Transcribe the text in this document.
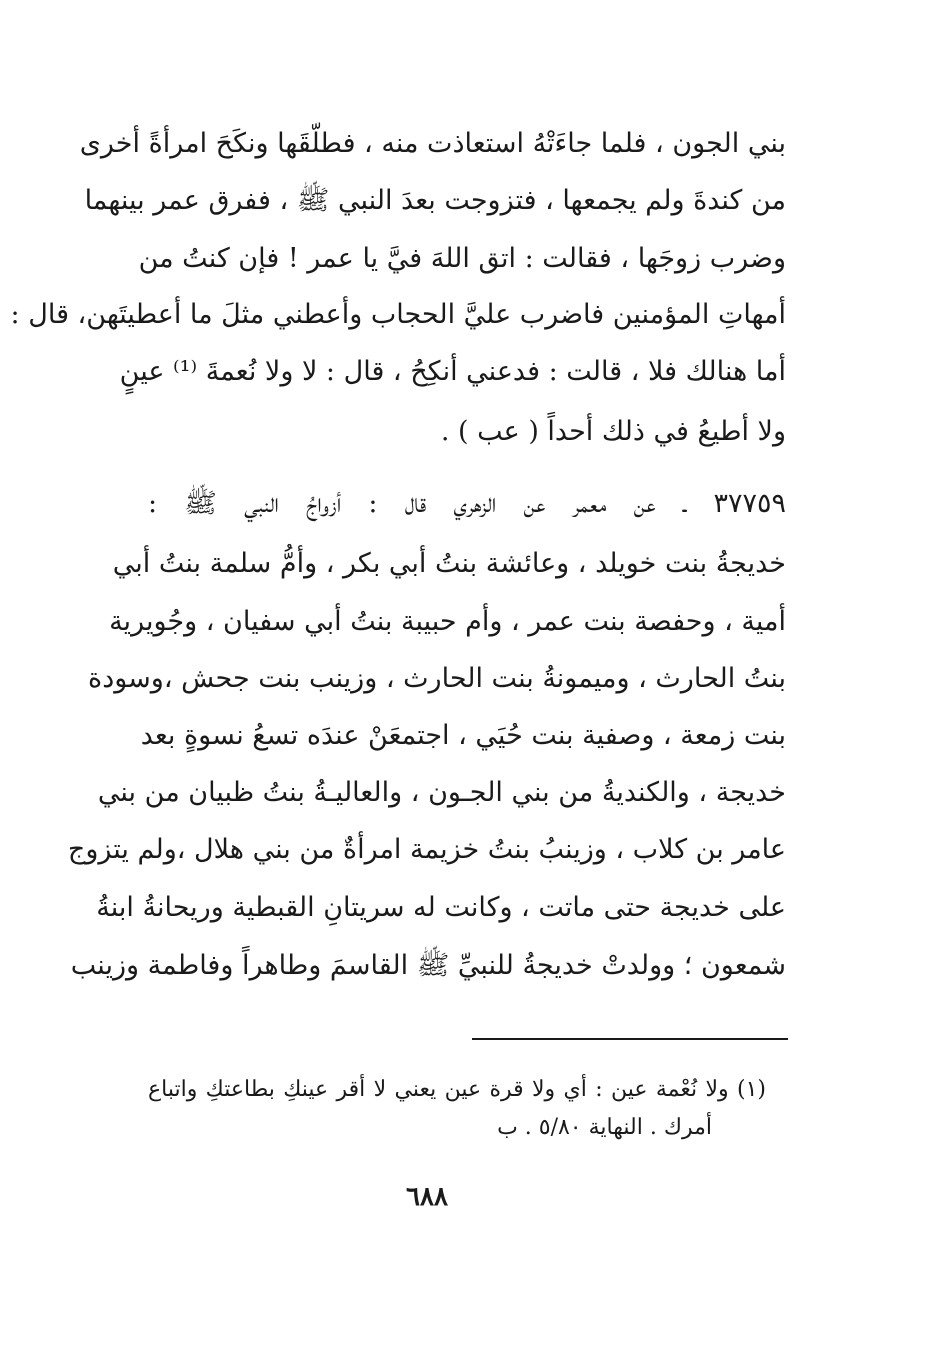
بني الجون ، فلما جاءَتْهُ استعاذت منه ، فطلّقَها ونكَحَ امرأةً أخرى
من كندةَ ولم يجمعها ، فتزوجت بعدَ النبي ﷺ ، ففرق عمر بينهما
وضرب زوجَها ، فقالت : اتق اللهَ فيَّ يا عمر ! فإن كنتُ من
أمهاتِ المؤمنين فاضرب عليَّ الحجاب وأعطني مثلَ ما أعطيتَهن، قال :
أما هنالك فلا ، قالت : فدعني أنكِحُ ، قال : لا ولا نُعمةَ ⁽¹⁾ عينٍ
ولا أطيعُ في ذلك أحداً ( عب ) .
٣٧٧٥٩ ـ عن معمر عن الزهري قال : أزواجُ النبي ﷺ :
خديجةُ بنت خويلد ، وعائشة بنتُ أبي بكر ، وأمُّ سلمة بنتُ أبي
أمية ، وحفصة بنت عمر ، وأم حبيبة بنتُ أبي سفيان ، وجُويرية
بنتُ الحارث ، وميمونةُ بنت الحارث ، وزينب بنت جحش ،وسودة
بنت زمعة ، وصفية بنت حُيَي ، اجتمعَنْ عندَه تسعُ نسوةٍ بعد
خديجة ، والكنديةُ من بني الجـون ، والعاليـةُ بنتُ ظبيان من بني
عامر بن كلاب ، وزينبُ بنتُ خزيمة امرأةٌ من بني هلال ،ولم يتزوج
على خديجة حتى ماتت ، وكانت له سريتانِ القبطية وريحانةُ ابنةُ
شمعون ؛ وولدتْ خديجةُ للنبيِّ ﷺ القاسمَ وطاهراً وفاطمة وزينب
(١) ولا نُعْمة عين : أي ولا قرة عين يعني لا أقر عينكِ بطاعتكِ واتباع
أمرك . النهاية ٥/٨٠ . ب
٦٨٨
